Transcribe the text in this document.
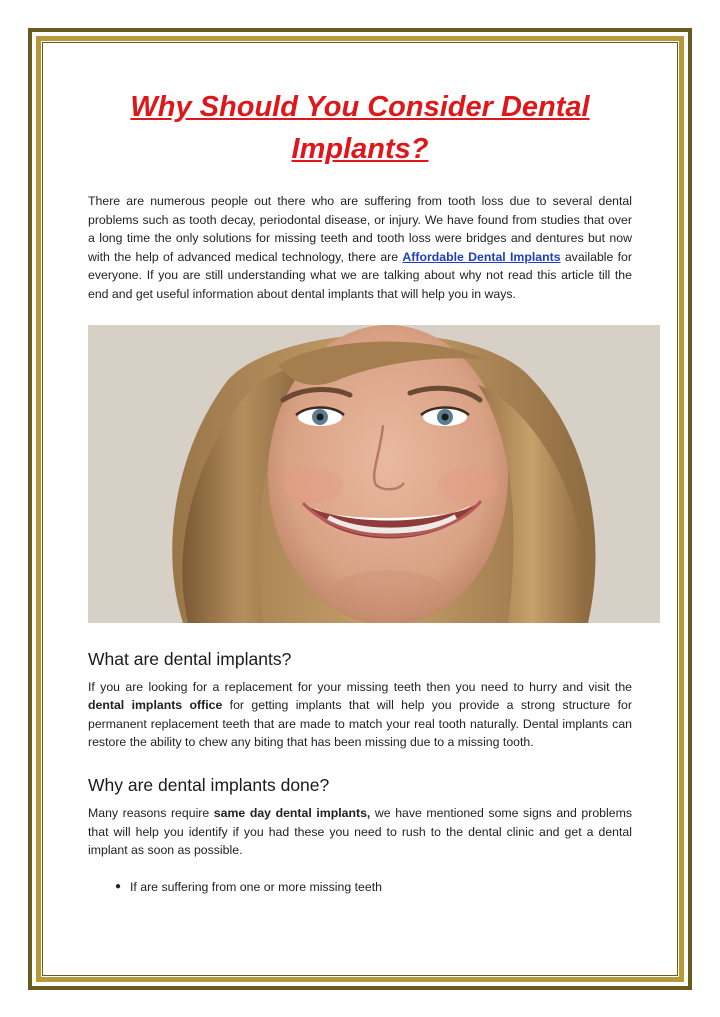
Why Should You Consider Dental Implants?

There are numerous people out there who are suffering from tooth loss due to several dental problems such as tooth decay, periodontal disease, or injury. We have found from studies that over a long time the only solutions for missing teeth and tooth loss were bridges and dentures but now with the help of advanced medical technology, there are Affordable Dental Implants available for everyone. If you are still understanding what we are talking about why not read this article till the end and get useful information about dental implants that will help you in ways.

What are dental implants?

If you are looking for a replacement for your missing teeth then you need to hurry and visit the dental implants office for getting implants that will help you provide a strong structure for permanent replacement teeth that are made to match your real tooth naturally. Dental implants can restore the ability to chew any biting that has been missing due to a missing tooth.

Why are dental implants done?

Many reasons require same day dental implants, we have mentioned some signs and problems that will help you identify if you had these you need to rush to the dental clinic and get a dental implant as soon as possible.

● If are suffering from one or more missing teeth
